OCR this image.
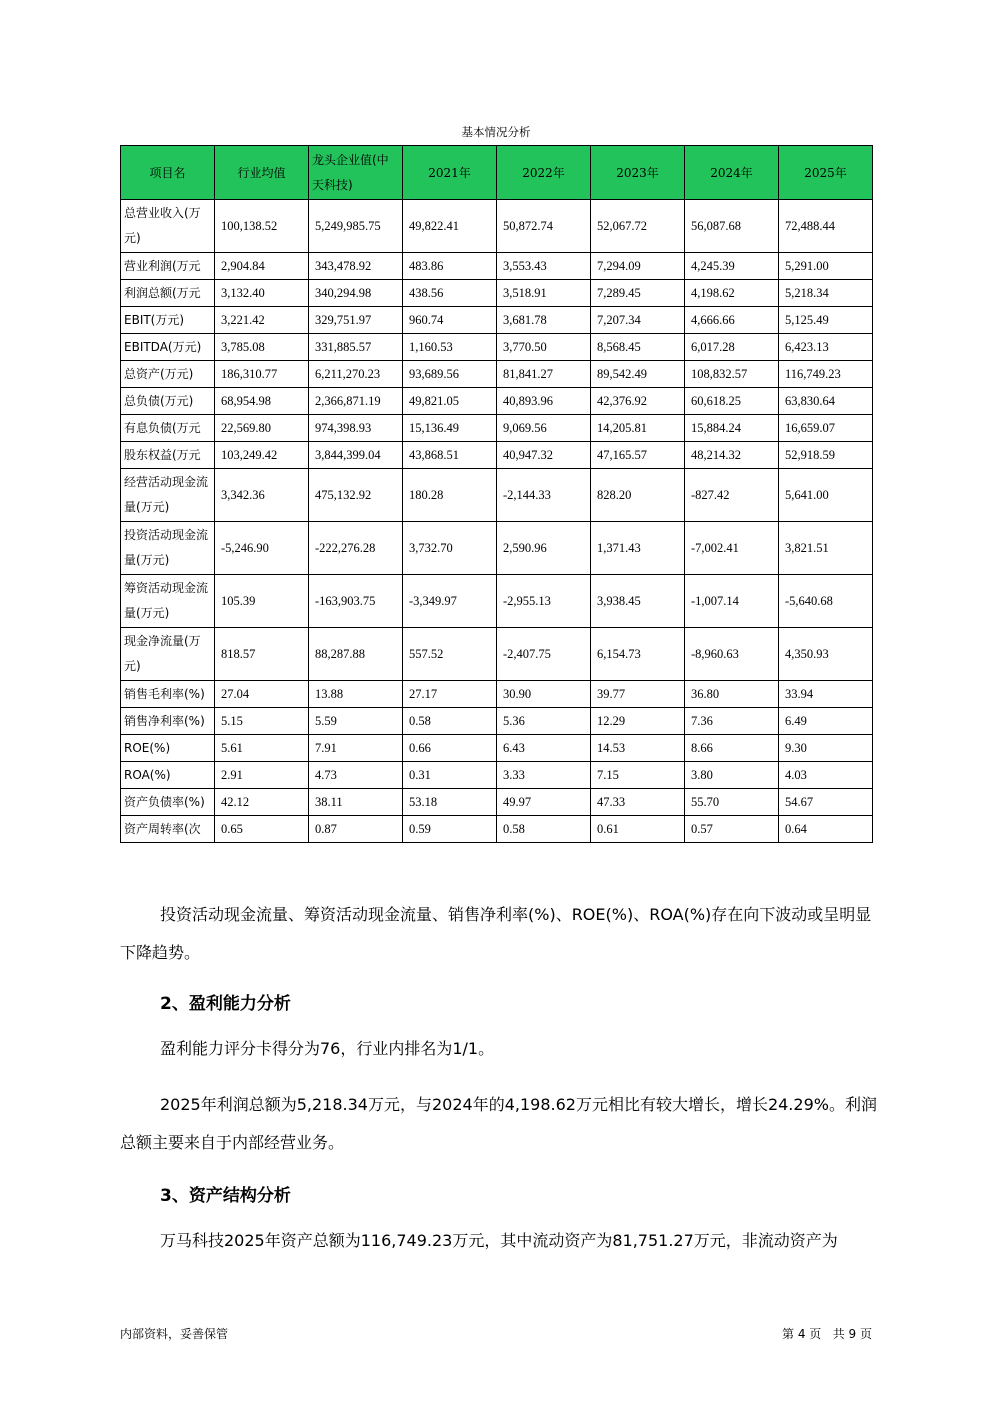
基本情况分析
项目名	行业均值	龙头企业值(中天科技)	2021年	2022年	2023年	2024年	2025年
总营业收入(万元)	100,138.52	5,249,985.75	49,822.41	50,872.74	52,067.72	56,087.68	72,488.44
营业利润(万元	2,904.84	343,478.92	483.86	3,553.43	7,294.09	4,245.39	5,291.00
利润总额(万元	3,132.40	340,294.98	438.56	3,518.91	7,289.45	4,198.62	5,218.34
EBIT(万元)	3,221.42	329,751.97	960.74	3,681.78	7,207.34	4,666.66	5,125.49
EBITDA(万元)	3,785.08	331,885.57	1,160.53	3,770.50	8,568.45	6,017.28	6,423.13
总资产(万元)	186,310.77	6,211,270.23	93,689.56	81,841.27	89,542.49	108,832.57	116,749.23
总负债(万元)	68,954.98	2,366,871.19	49,821.05	40,893.96	42,376.92	60,618.25	63,830.64
有息负债(万元	22,569.80	974,398.93	15,136.49	9,069.56	14,205.81	15,884.24	16,659.07
股东权益(万元	103,249.42	3,844,399.04	43,868.51	40,947.32	47,165.57	48,214.32	52,918.59
经营活动现金流量(万元)	3,342.36	475,132.92	180.28	-2,144.33	828.20	-827.42	5,641.00
投资活动现金流量(万元)	-5,246.90	-222,276.28	3,732.70	2,590.96	1,371.43	-7,002.41	3,821.51
筹资活动现金流量(万元)	105.39	-163,903.75	-3,349.97	-2,955.13	3,938.45	-1,007.14	-5,640.68
现金净流量(万元)	818.57	88,287.88	557.52	-2,407.75	6,154.73	-8,960.63	4,350.93
销售毛利率(%)	27.04	13.88	27.17	30.90	39.77	36.80	33.94
销售净利率(%)	5.15	5.59	0.58	5.36	12.29	7.36	6.49
ROE(%)	5.61	7.91	0.66	6.43	14.53	8.66	9.30
ROA(%)	2.91	4.73	0.31	3.33	7.15	3.80	4.03
资产负债率(%)	42.12	38.11	53.18	49.97	47.33	55.70	54.67
资产周转率(次	0.65	0.87	0.59	0.58	0.61	0.57	0.64

投资活动现金流量、筹资活动现金流量、销售净利率(%)、ROE(%)、ROA(%)存在向下波动或呈明显下降趋势。

2、盈利能力分析

盈利能力评分卡得分为76，行业内排名为1/1。

2025年利润总额为5,218.34万元，与2024年的4,198.62万元相比有较大增长，增长24.29%。利润总额主要来自于内部经营业务。

3、资产结构分析

万马科技2025年资产总额为116,749.23万元，其中流动资产为81,751.27万元，非流动资产为

内部资料，妥善保管	第 4 页   共 9 页
